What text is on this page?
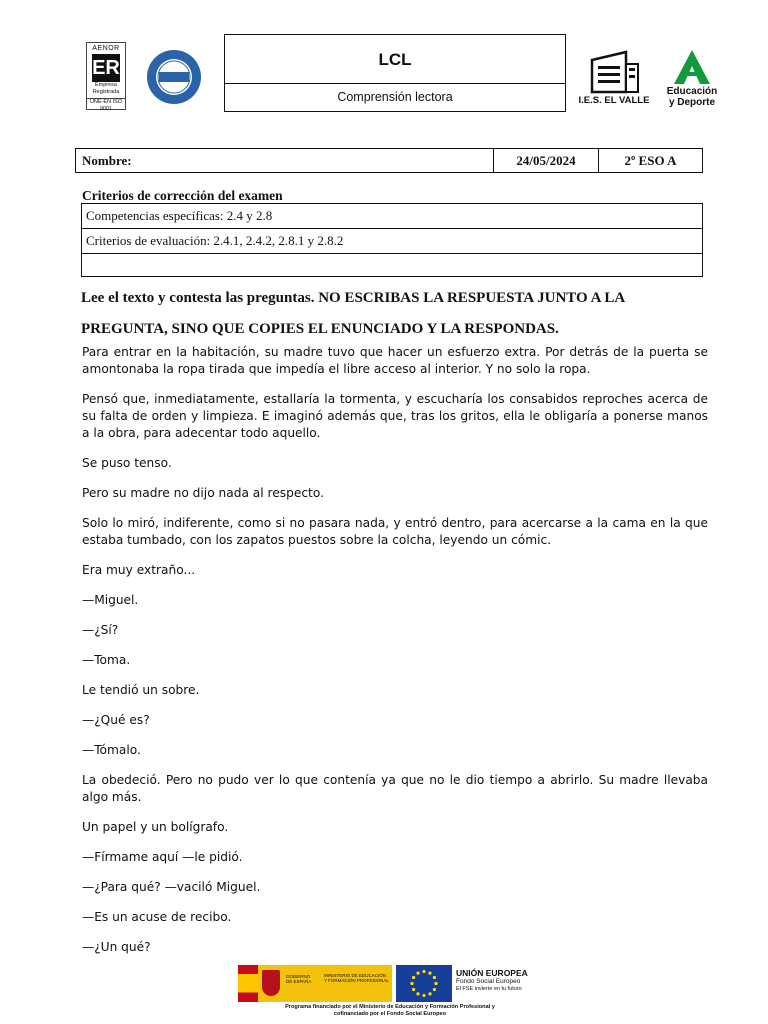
AENOR
ER
Empresa
Registrada
UNE-EN ISO 9001
LCL
Comprensión lectora	I.E.S. EL VALLE
Educación
y Deporte
Nombre:	24/05/2024	2º ESO A
Criterios de corrección del examen
Competencias específicas: 2.4 y 2.8
Criterios de evaluación: 2.4.1, 2.4.2, 2.8.1 y 2.8.2
Lee el texto y contesta las preguntas. NO ESCRIBAS LA RESPUESTA JUNTO A LA PREGUNTA, SINO QUE COPIES EL ENUNCIADO Y LA RESPONDAS.

Para entrar en la habitación, su madre tuvo que hacer un esfuerzo extra. Por detrás de la puerta se amontonaba la ropa tirada que impedía el libre acceso al interior. Y no solo la ropa.

Pensó que, inmediatamente, estallaría la tormenta, y escucharía los consabidos reproches acerca de su falta de orden y limpieza. E imaginó además que, tras los gritos, ella le obligaría a ponerse manos a la obra, para adecentar todo aquello.

Se puso tenso.

Pero su madre no dijo nada al respecto.

Solo lo miró, indiferente, como si no pasara nada, y entró dentro, para acercarse a la cama en la que estaba tumbado, con los zapatos puestos sobre la colcha, leyendo un cómic.

Era muy extraño...

—Miguel.

—¿Sí?

—Toma.

Le tendió un sobre.

—¿Qué es?

—Tómalo.

La obedeció. Pero no pudo ver lo que contenía ya que no le dio tiempo a abrirlo. Su madre llevaba algo más.

Un papel y un bolígrafo.

—Fírmame aquí —le pidió.

—¿Para qué? —vaciló Miguel.

—Es un acuse de recibo.

—¿Un qué?

GOBIERNO DE ESPAÑA
MINISTERIO DE EDUCACIÓN Y FORMACIÓN PROFESIONAL
UNIÓN EUROPEA
Fondo Social Europeo
El FSE invierte en tu futuro
Programa financiado por el Ministerio de Educación y Formación Profesional y
cofinanciado por el Fondo Social Europeo
